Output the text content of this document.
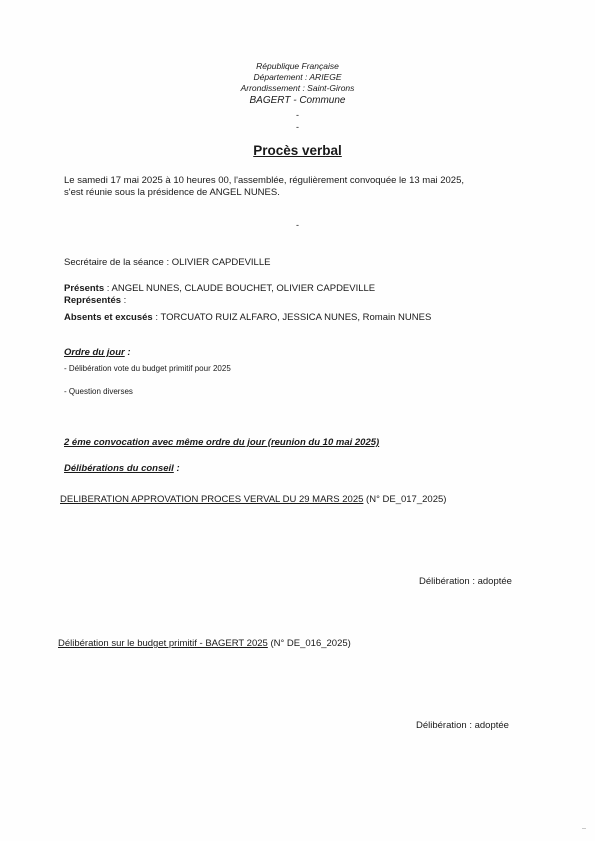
République Française
Département : ARIEGE
Arrondissement : Saint-Girons
BAGERT - Commune
-
-
Procès verbal
Le samedi 17 mai 2025 à 10 heures 00, l'assemblée, régulièrement convoquée le 13 mai 2025,
s'est réunie sous la présidence de ANGEL NUNES.
-
Secrétaire de la séance : OLIVIER CAPDEVILLE
Présents : ANGEL NUNES, CLAUDE BOUCHET, OLIVIER CAPDEVILLE
Représentés :
Absents et excusés : TORCUATO RUIZ ALFARO, JESSICA NUNES, Romain NUNES
Ordre du jour :
- Délibération vote du budget primitif pour 2025
- Question diverses
2 éme convocation avec même ordre du jour (reunion du 10 mai 2025)
Délibérations du conseil :
DELIBERATION APPROVATION PROCES VERVAL DU 29 MARS 2025 (N° DE_017_2025)
Délibération : adoptée
Délibération sur le budget primitif - BAGERT 2025 (N° DE_016_2025)
Délibération : adoptée
